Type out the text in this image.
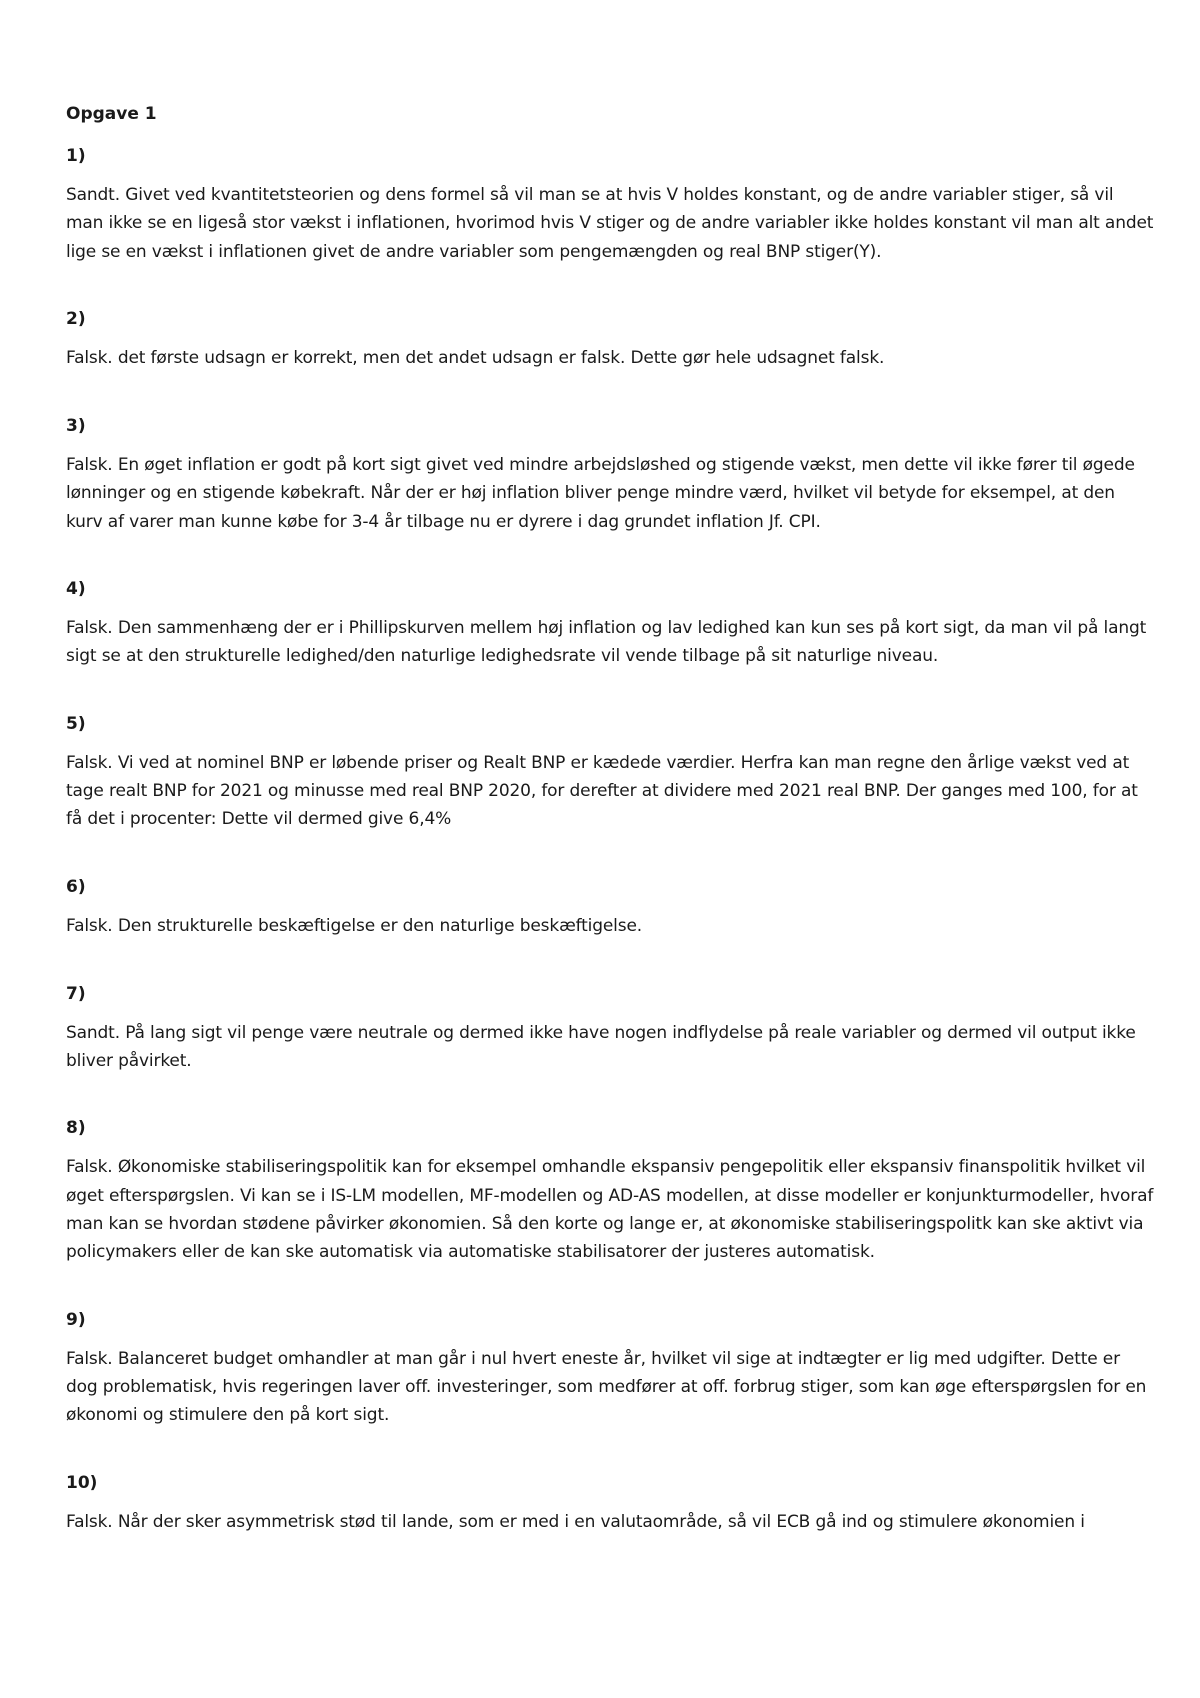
Opgave 1
1)

Sandt. Givet ved kvantitetsteorien og dens formel så vil man se at hvis V holdes konstant, og de andre variabler stiger, så vil man ikke se en ligeså stor vækst i inflationen, hvorimod hvis V stiger og de andre variabler ikke holdes konstant vil man alt andet lige se en vækst i inflationen givet de andre variabler som pengemængden og real BNP stiger(Y).

2)

Falsk. det første udsagn er korrekt, men det andet udsagn er falsk. Dette gør hele udsagnet falsk.

3)

Falsk. En øget inflation er godt på kort sigt givet ved mindre arbejdsløshed og stigende vækst, men dette vil ikke fører til øgede lønninger og en stigende købekraft. Når der er høj inflation bliver penge mindre værd, hvilket vil betyde for eksempel, at den kurv af varer man kunne købe for 3-4 år tilbage nu er dyrere i dag grundet inflation Jf. CPI.

4)

Falsk. Den sammenhæng der er i Phillipskurven mellem høj inflation og lav ledighed kan kun ses på kort sigt, da man vil på langt sigt se at den strukturelle ledighed/den naturlige ledighedsrate vil vende tilbage på sit naturlige niveau.

5)

Falsk. Vi ved at nominel BNP er løbende priser og Realt BNP er kædede værdier. Herfra kan man regne den årlige vækst ved at tage realt BNP for 2021 og minusse med real BNP 2020, for derefter at dividere med 2021 real BNP. Der ganges med 100, for at få det i procenter: Dette vil dermed give 6,4%

6)

Falsk. Den strukturelle beskæftigelse er den naturlige beskæftigelse.

7)

Sandt. På lang sigt vil penge være neutrale og dermed ikke have nogen indflydelse på reale variabler og dermed vil output ikke bliver påvirket.

8)

Falsk. Økonomiske stabiliseringspolitik kan for eksempel omhandle ekspansiv pengepolitik eller ekspansiv finanspolitik hvilket vil øget efterspørgslen. Vi kan se i IS-LM modellen, MF-modellen og AD-AS modellen, at disse modeller er konjunkturmodeller, hvoraf man kan se hvordan stødene påvirker økonomien. Så den korte og lange er, at økonomiske stabiliseringspolitk kan ske aktivt via policymakers eller de kan ske automatisk via automatiske stabilisatorer der justeres automatisk.

9)

Falsk. Balanceret budget omhandler at man går i nul hvert eneste år, hvilket vil sige at indtægter er lig med udgifter. Dette er dog problematisk, hvis regeringen laver off. investeringer, som medfører at off. forbrug stiger, som kan øge efterspørgslen for en økonomi og stimulere den på kort sigt.

10)

Falsk. Når der sker asymmetrisk stød til lande, som er med i en valutaområde, så vil ECB gå ind og stimulere økonomien i
